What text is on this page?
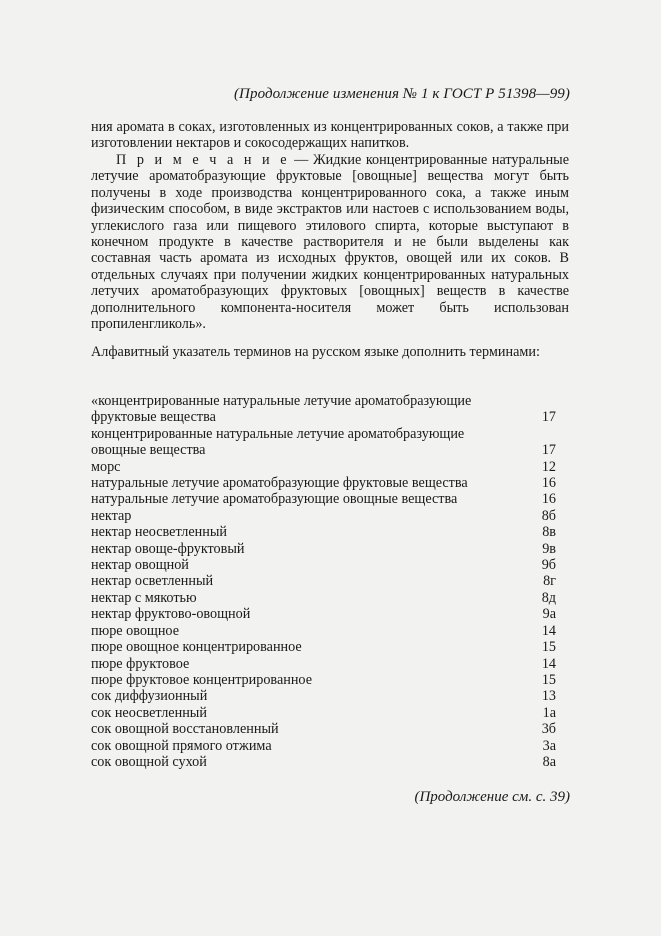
(Продолжение изменения № 1 к ГОСТ Р 51398—99)

ния аромата в соках, изготовленных из концентрированных соков, а также при изготовлении нектаров и сокосодержащих напитков.

П р и м е ч а н и е — Жидкие концентрированные натуральные летучие ароматобразующие фруктовые [овощные] вещества могут быть получены в ходе производства концентрированного сока, а также иным физическим способом, в виде экстрактов или настоев с использованием воды, углекислого газа или пищевого этилового спирта, которые выступают в конечном продукте в качестве растворителя и не были выделены как составная часть аромата из исходных фруктов, овощей или их соков. В отдельных случаях при получении жидких концентрированных натуральных летучих ароматобразующих фруктовых [овощных] веществ в качестве дополнительного компонента-носителя может быть использован пропиленгликоль».

Алфавитный указатель терминов на русском языке дополнить терминами:

«концентрированные натуральные летучие ароматобразующие фруктовые вещества	17
концентрированные натуральные летучие ароматобразующие овощные вещества	17
морс	12
натуральные летучие ароматобразующие фруктовые вещества	16
натуральные летучие ароматобразующие овощные вещества	16
нектар	8б
нектар неосветленный	8в
нектар овоще-фруктовый	9в
нектар овощной	9б
нектар осветленный	8г
нектар с мякотью	8д
нектар фруктово-овощной	9а
пюре овощное	14
пюре овощное концентрированное	15
пюре фруктовое	14
пюре фруктовое концентрированное	15
сок диффузионный	13
сок неосветленный	1а
сок овощной восстановленный	3б
сок овощной прямого отжима	3а
сок овощной сухой	8а
(Продолжение см. с. 39)
